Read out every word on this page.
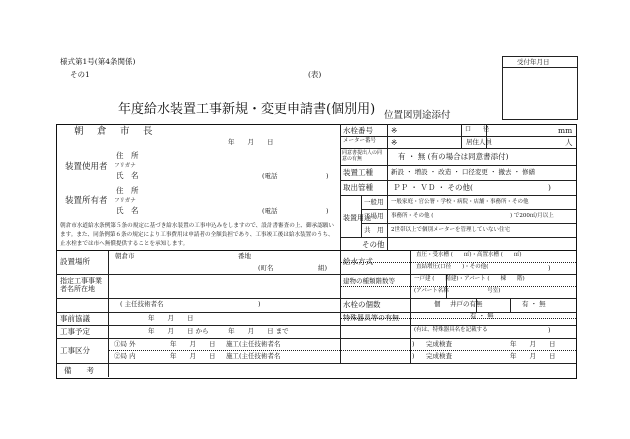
様式第1号(第4条関係)
その1	(表)
年度給水装置工事新規・変更申請書(個別用) 位置図別途添付
受付年月日
朝　倉　市　長
年　　月　　日
装置使用者
住　所
フリガナ
氏　名	(電話	)
装置所有者
住　所
フリガナ
氏　名	(電話	)
朝倉市水道給水条例第５条の規定に基づき給水装置の工事申込みをしますので、設計書審査の上、御承認願います。また、同条例第６条の規定により工事費用は申請者の全額負担であり、工事竣工後は給水装置のうち、止水栓までは市へ無償提供することを承知します。
水栓番号 ※	口　　径	mm
メーター番号 ※	居住人員	人
同意書提出人の同意の有無	有 ・ 無 (有の場合は同意書添付)
装置工種	新設 ・ 増設 ・ 改造 ・ 口径変更 ・ 撤去 ・ 修繕
取出管種	ＰＰ ・ ＶＤ ・ その他(	)
装置用途
一般用 一般家庭・官公署・学校・病院・店舗・事務所・その他
工場用 事務所・その他 (	) で200㎡/月以上
共　用 2世帯以上で個別メーターを管理していない住宅
その他
設置場所
朝倉市	番地
(町名	組)
給水方式
直圧・受水槽 (　　㎥)・高置水槽 (　　㎥)
直結増圧(口径　　)・その他(	)
指定工事事業者名所在地
( 主任技術者名	)
建物の種類階数等	一戸建 (　　階建)・アパート (　　棟　　階)
(アパート名称　　　　　　　号室)
水栓の個数	個 井戸の有無	有 ・ 無
事前協議	年　　月　　日	特殊器具等の有無	有 ・ 無
(有は、特殊器具名を記載する	)
工事予定	年　　月　　日 から　　　年　　月　　日 まで
工事区分
①局 外	年　　月　　日 施工(主任技術者名	) 完成検査	年　　月　　日
②局 内	年　　月　　日 施工(主任技術者名	) 完成検査	年　　月　　日
備　　考
